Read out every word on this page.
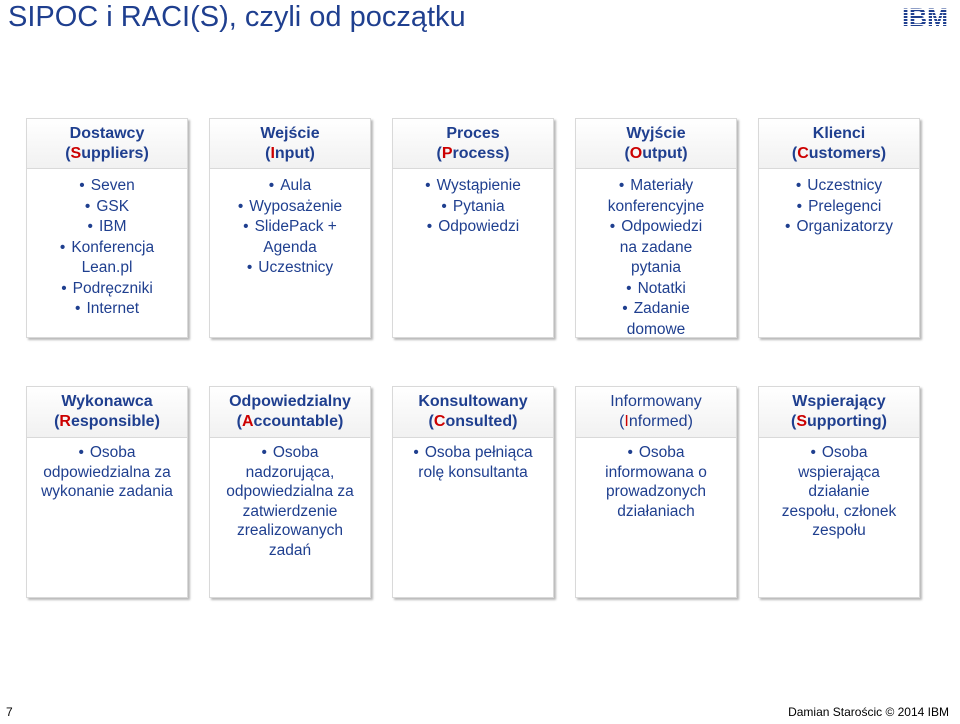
SIPOC i RACI(S), czyli od początku	IBM
Dostawcy
(Suppliers)

• Seven

• GSK

• IBM

• Konferencja Lean.pl

• Podręczniki

• Internet

Wejście
(Input)

• Aula

• Wyposażenie

• SlidePack + Agenda

• Uczestnicy

Proces
(Process)

• Wystąpienie

• Pytania

• Odpowiedzi

Wyjście
(Output)

• Materiały konferencyjne

• Odpowiedzi na zadane pytania

• Notatki

• Zadanie domowe

Klienci
(Customers)

• Uczestnicy

• Prelegenci

• Organizatorzy

Wykonawca
(Responsible)

• Osoba odpowiedzialna za wykonanie zadania

Odpowiedzialny
(Accountable)

• Osoba nadzorująca, odpowiedzialna za zatwierdzenie zrealizowanych zadań

Konsultowany
(Consulted)

• Osoba pełniąca rolę konsultanta

Informowany
(Informed)

• Osoba informowana o prowadzonych działaniach

Wspierający
(Supporting)

• Osoba wspierająca działanie zespołu, członek zespołu

7	Damian Starościc © 2014 IBM
